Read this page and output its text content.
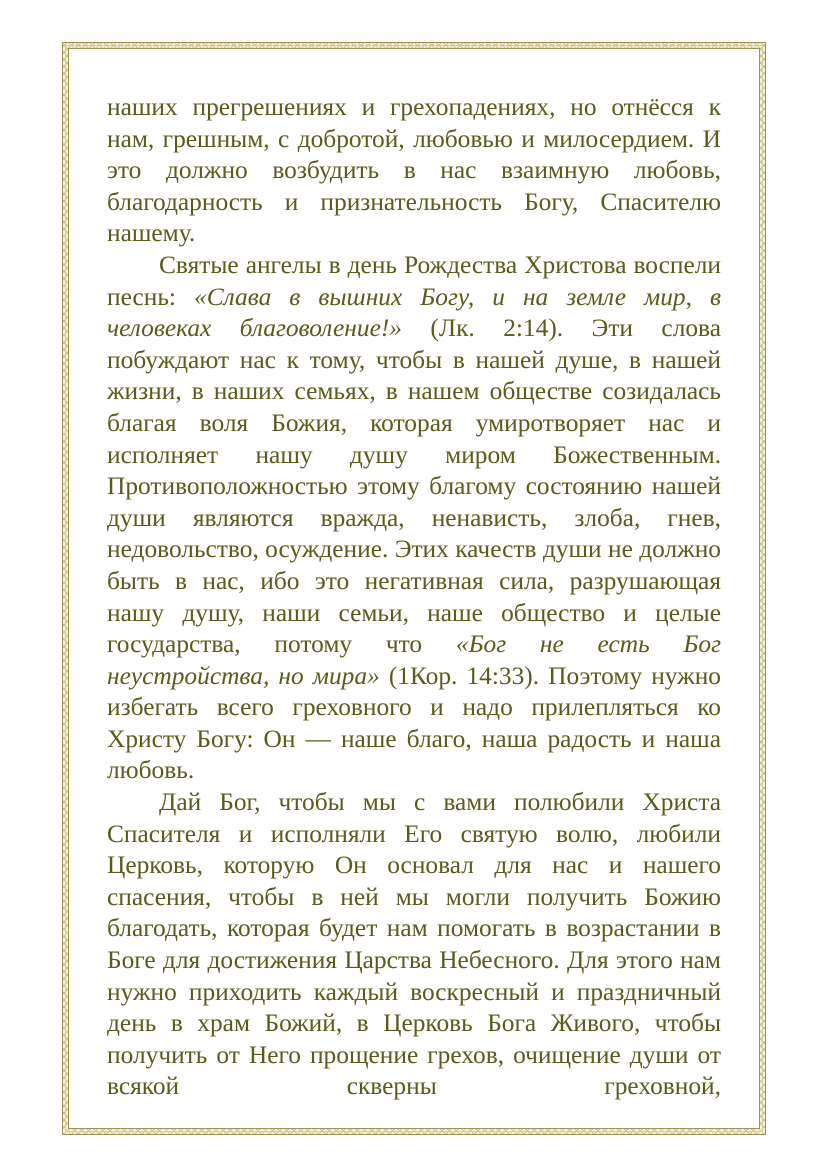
наших прегрешениях и грехопадениях, но отнёсся к нам, грешным, с добротой, любовью и милосердием. И это должно возбудить в нас взаимную любовь, благодарность и признательность Богу, Спасителю нашему.

Святые ангелы в день Рождества Христова воспели песнь: «Слава в вышних Богу, и на земле мир, в человеках благоволение!» (Лк. 2:14). Эти слова побуждают нас к тому, чтобы в нашей душе, в нашей жизни, в наших семьях, в нашем обществе созидалась благая воля Божия, которая умиротворяет нас и исполняет нашу душу миром Божественным. Противоположностью этому благому состоянию нашей души являются вражда, ненависть, злоба, гнев, недовольство, осуждение. Этих качеств души не должно быть в нас, ибо это негативная сила, разрушающая нашу душу, наши семьи, наше общество и целые государства, потому что «Бог не есть Бог неустройства, но мира» (1Кор. 14:33). Поэтому нужно избегать всего греховного и надо прилепляться ко Христу Богу: Он — наше благо, наша радость и наша любовь.

Дай Бог, чтобы мы с вами полюбили Христа Спасителя и исполняли Его святую волю, любили Церковь, которую Он основал для нас и нашего спасения, чтобы в ней мы могли получить Божию благодать, которая будет нам помогать в возрастании в Боге для достижения Царства Небесного. Для этого нам нужно приходить каждый воскресный и праздничный день в храм Божий, в Церковь Бога Живого, чтобы получить от Него прощение грехов, очищение души от всякой скверны греховной,
